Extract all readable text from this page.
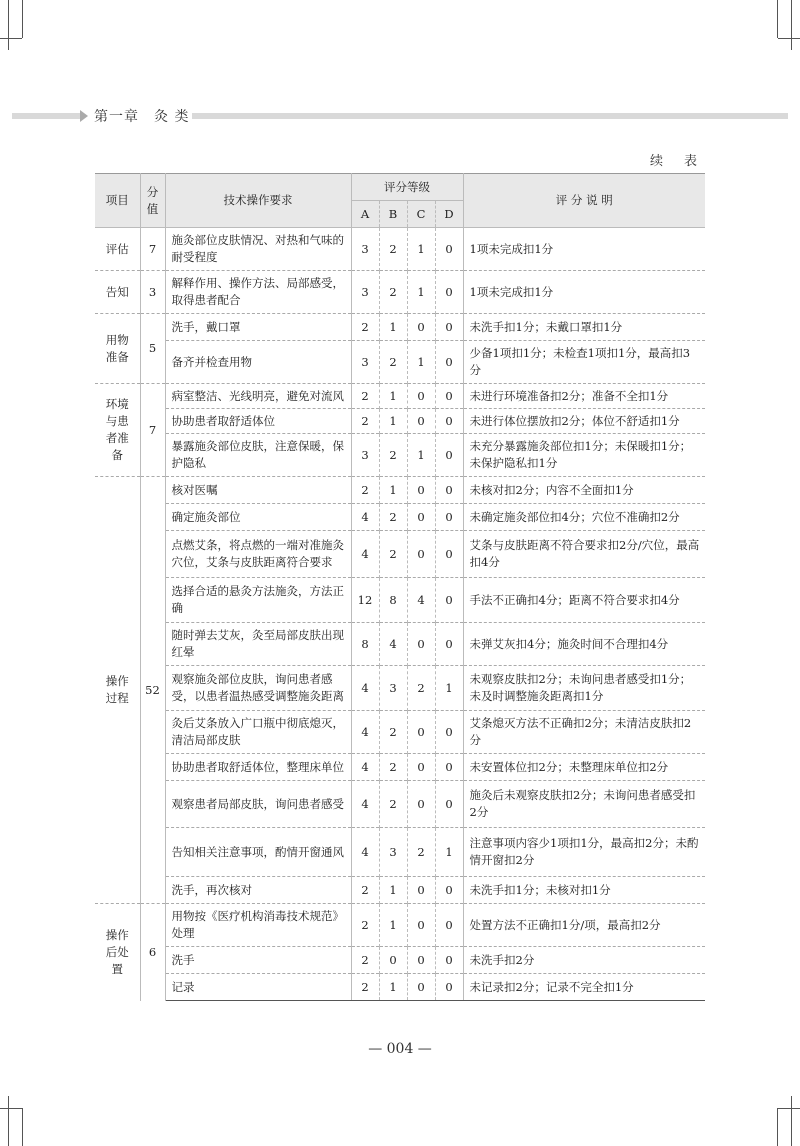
第一章　灸 类
续　表
项目	分值	技术操作要求	评分等级				评 分 说 明
			A	B	C	D	
评估	7	施灸部位皮肤情况、对热和气味的耐受程度	3	2	1	0	1项未完成扣1分
告知	3	解释作用、操作方法、局部感受，取得患者配合	3	2	1	0	1项未完成扣1分
用物准备	5	洗手，戴口罩	2	1	0	0	未洗手扣1分；未戴口罩扣1分
		备齐并检查用物	3	2	1	0	少备1项扣1分；未检查1项扣1分，最高扣3分
环境与患者准备	7	病室整洁、光线明亮，避免对流风	2	1	0	0	未进行环境准备扣2分；准备不全扣1分
		协助患者取舒适体位	2	1	0	0	未进行体位摆放扣2分；体位不舒适扣1分
		暴露施灸部位皮肤，注意保暖，保护隐私	3	2	1	0	未充分暴露施灸部位扣1分；未保暖扣1分；未保护隐私扣1分
操作过程	52	核对医嘱	2	1	0	0	未核对扣2分；内容不全面扣1分
		确定施灸部位	4	2	0	0	未确定施灸部位扣4分；穴位不准确扣2分
		点燃艾条，将点燃的一端对准施灸穴位，艾条与皮肤距离符合要求	4	2	0	0	艾条与皮肤距离不符合要求扣2分/穴位，最高扣4分
		选择合适的悬灸方法施灸，方法正确	12	8	4	0	手法不正确扣4分；距离不符合要求扣4分
		随时弹去艾灰，灸至局部皮肤出现红晕	8	4	0	0	未弹艾灰扣4分；施灸时间不合理扣4分
		观察施灸部位皮肤，询问患者感受，以患者温热感受调整施灸距离	4	3	2	1	未观察皮肤扣2分；未询问患者感受扣1分；未及时调整施灸距离扣1分
		灸后艾条放入广口瓶中彻底熄灭，清洁局部皮肤	4	2	0	0	艾条熄灭方法不正确扣2分；未清洁皮肤扣2分
		协助患者取舒适体位，整理床单位	4	2	0	0	未安置体位扣2分；未整理床单位扣2分
		观察患者局部皮肤，询问患者感受	4	2	0	0	施灸后未观察皮肤扣2分；未询问患者感受扣2分
		告知相关注意事项，酌情开窗通风	4	3	2	1	注意事项内容少1项扣1分，最高扣2分；未酌情开窗扣2分
		洗手，再次核对	2	1	0	0	未洗手扣1分；未核对扣1分
操作后处置	6	用物按《医疗机构消毒技术规范》处理	2	1	0	0	处置方法不正确扣1分/项，最高扣2分
		洗手	2	0	0	0	未洗手扣2分
		记录	2	1	0	0	未记录扣2分；记录不完全扣1分
— 004 —
